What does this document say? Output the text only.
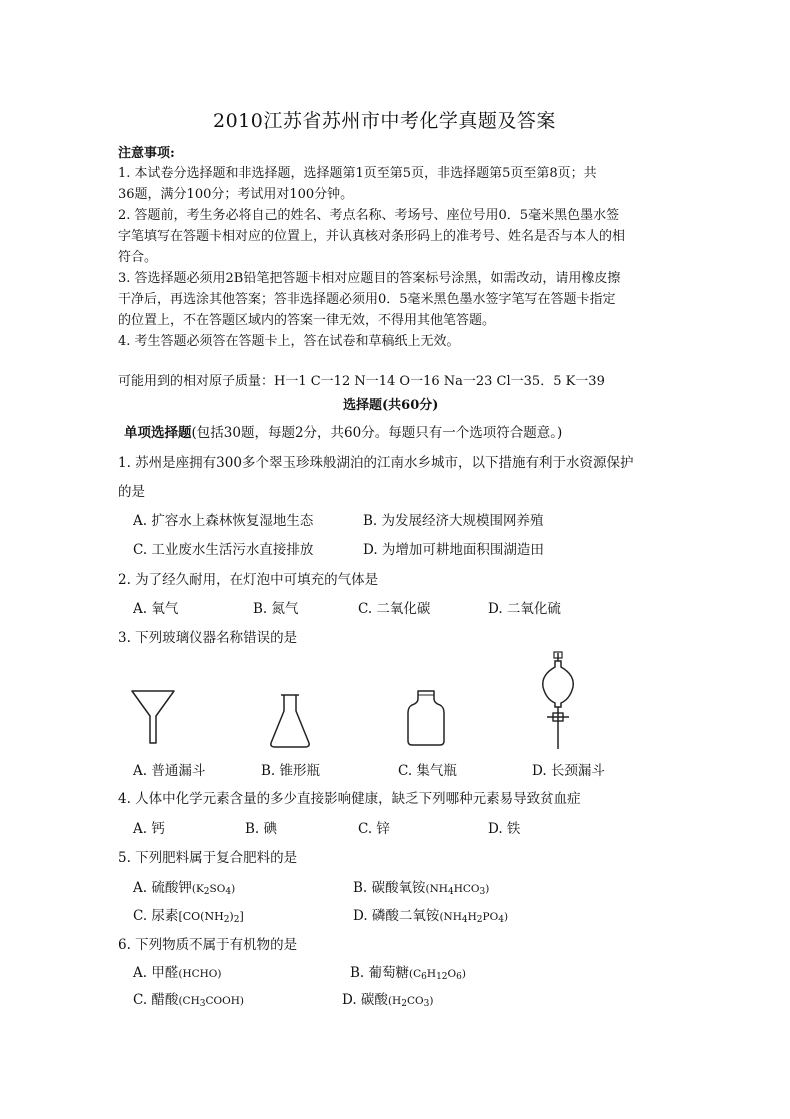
2010江苏省苏州市中考化学真题及答案
注意事项:
1. 本试卷分选择题和非选择题，选择题第1页至第5页，非选择题第5页至第8页；共
36题，满分100分；考试用对100分钟。
2. 答题前，考生务必将自己的姓名、考点名称、考场号、座位号用0．5毫米黑色墨水签
字笔填写在答题卡相对应的位置上，并认真核对条形码上的准考号、姓名是否与本人的相
符合。
3. 答选择题必须用2B铅笔把答题卡相对应题目的答案标号涂黑，如需改动，请用橡皮擦
干净后，再选涂其他答案；答非选择题必须用0．5毫米黑色墨水签字笔写在答题卡指定
的位置上，不在答题区域内的答案一律无效，不得用其他笔答题。
4. 考生答题必须答在答题卡上，答在试卷和草稿纸上无效。
可能用到的相对原子质量：H一1 C一12 N一14 O一16 Na一23 Cl一35．5 K一39
选择题(共60分)
单项选择题(包括30题，每题2分，共60分。每题只有一个选项符合题意。)
1. 苏州是座拥有300多个翠玉珍珠般湖泊的江南水乡城市，以下措施有利于水资源保护
的是
A. 扩容水上森林恢复湿地生态	B. 为发展经济大规模围网养殖
C. 工业废水生活污水直接排放	D. 为增加可耕地面积围湖造田
2. 为了经久耐用，在灯泡中可填充的气体是
A. 氧气	B. 氮气	C. 二氧化碳	D. 二氧化硫
3. 下列玻璃仪器名称错误的是
A. 普通漏斗	B. 锥形瓶	C. 集气瓶	D. 长颈漏斗
4. 人体中化学元素含量的多少直接影响健康，缺乏下列哪种元素易导致贫血症
A. 钙	B. 碘	C. 锌	D. 铁
5. 下列肥料属于复合肥料的是
A. 硫酸钾$(K_2SO_4)$	B. 碳酸氧铵$(NH_4HCO_3)$
C. 尿素$[CO(NH_2)_2]$	D. 磷酸二氧铵$(NH_4H_2PO_4)$
6. 下列物质不属于有机物的是
A. 甲醛(HCHO)	B. 葡萄糖$(C_6H_{12}O_6)$
C. 醋酸$(CH_3COOH)$	D. 碳酸$(H_2CO_3)$
